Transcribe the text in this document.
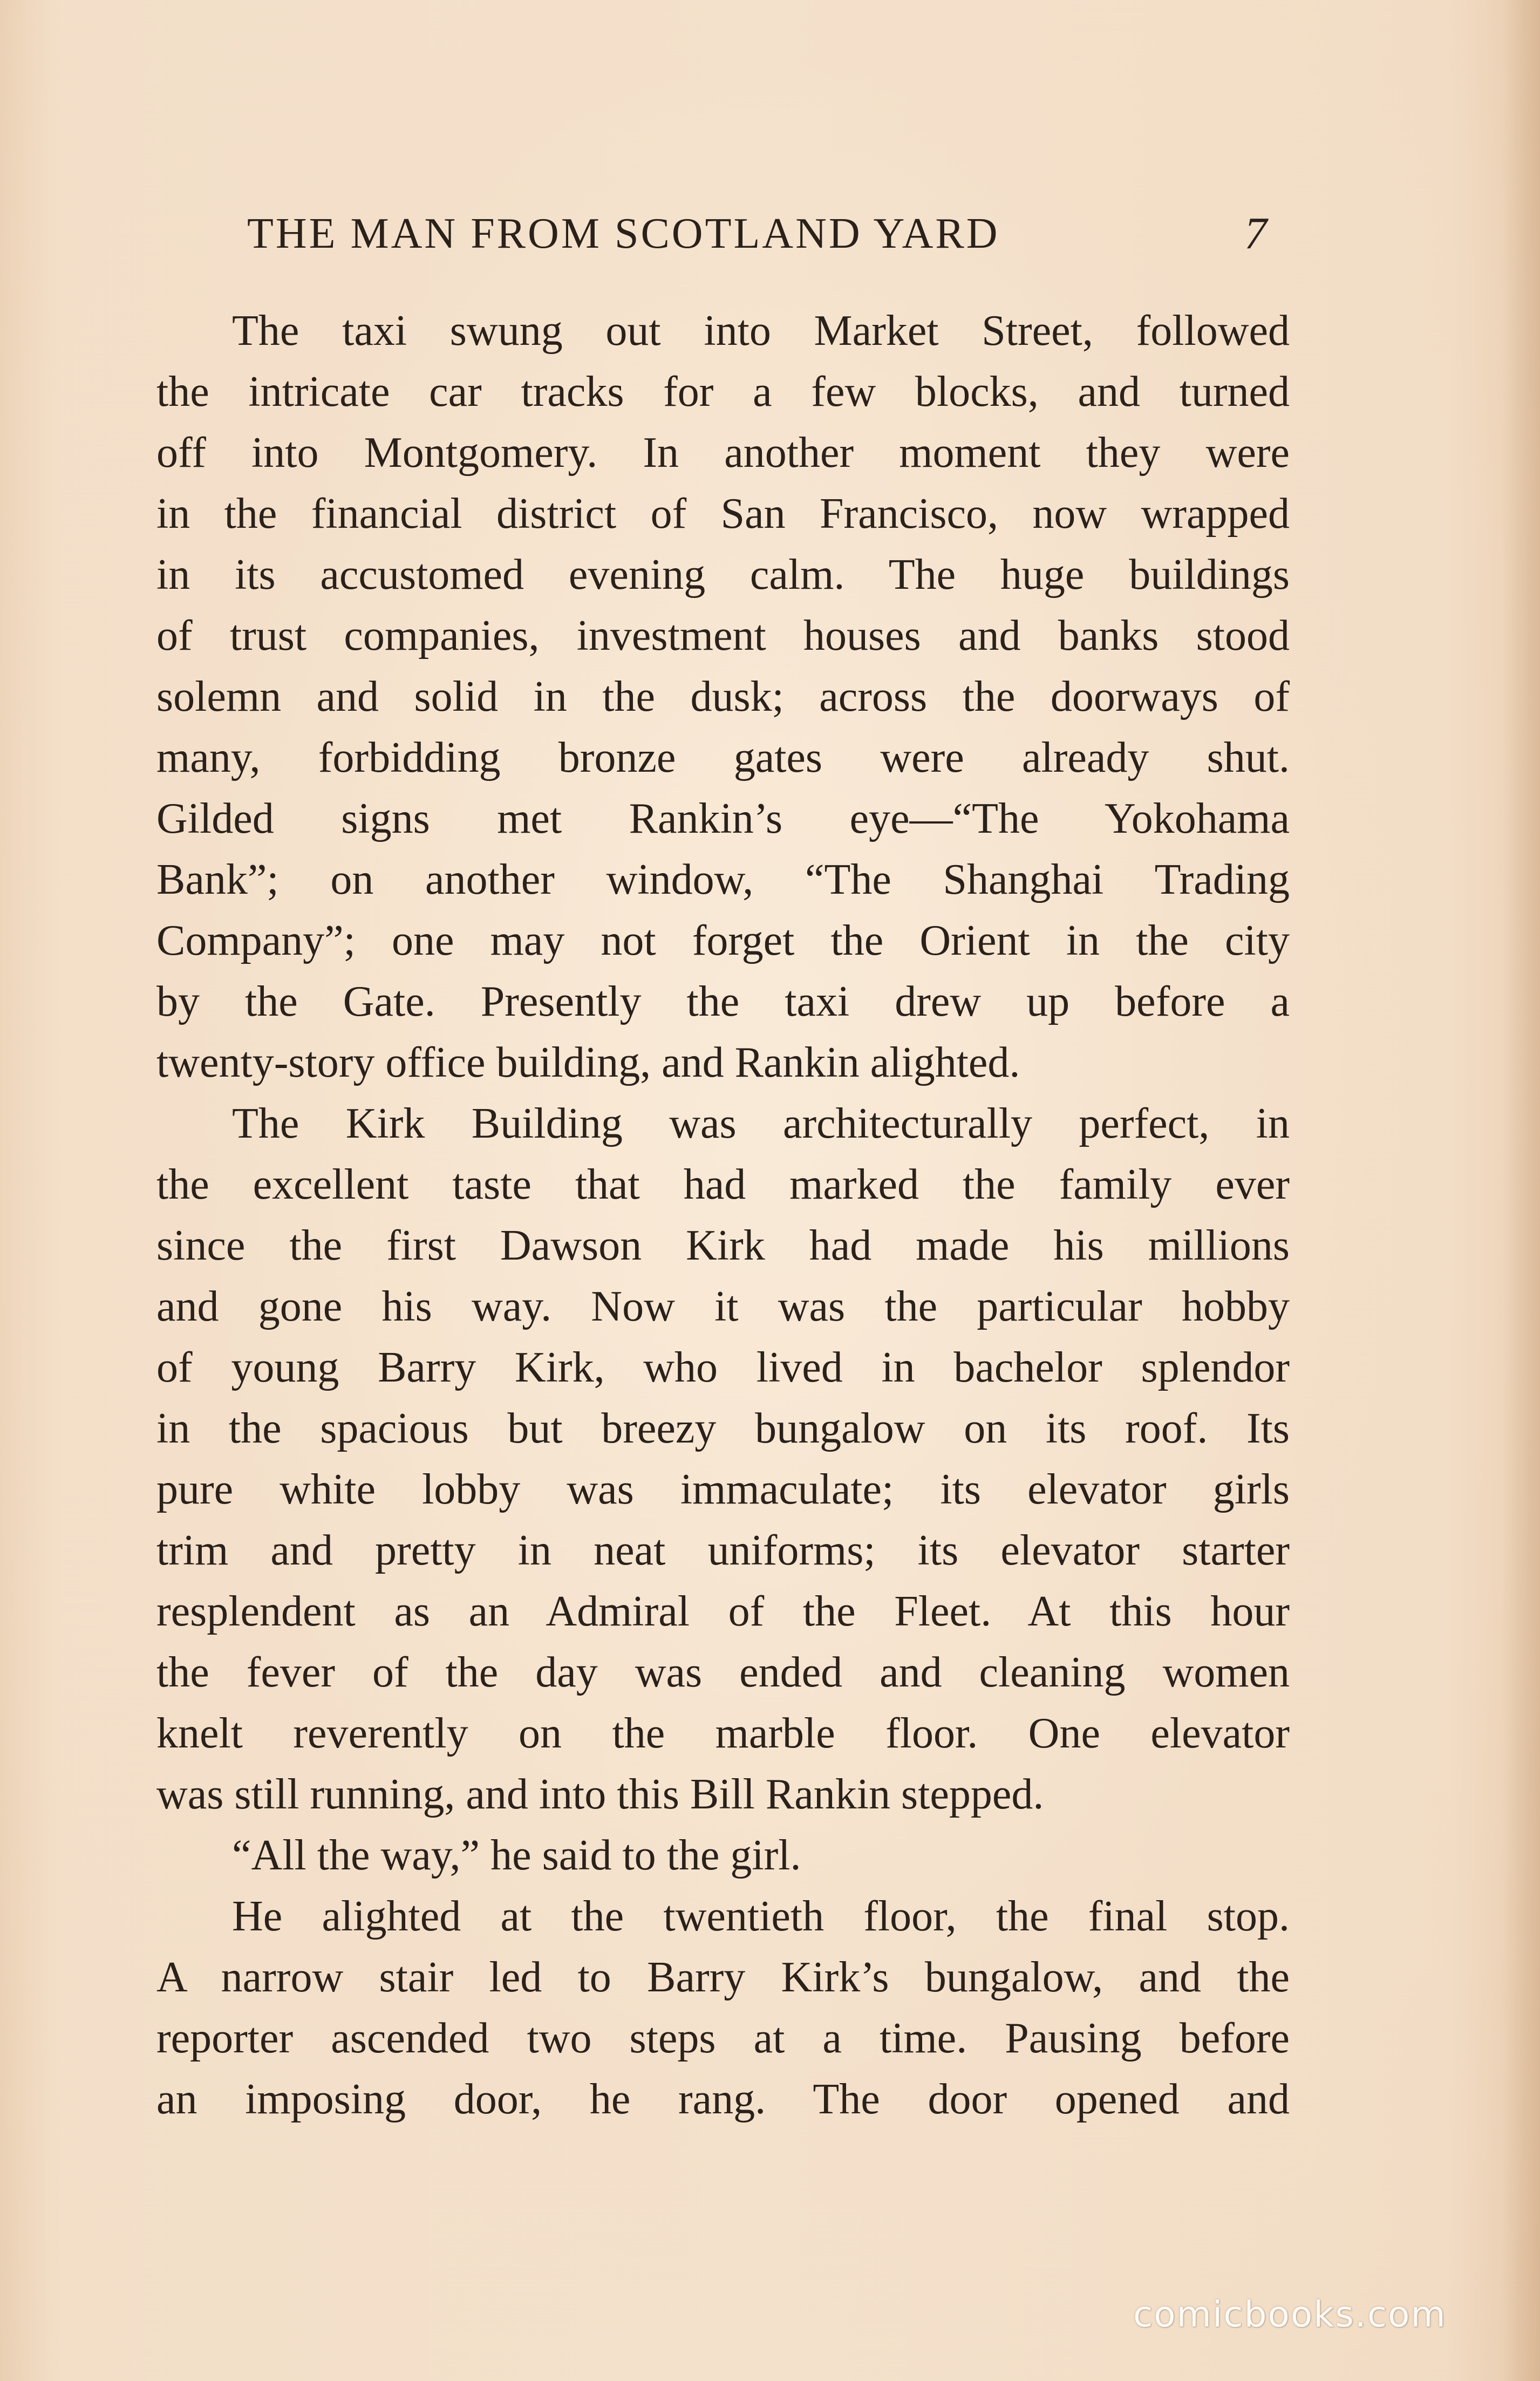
THE MAN FROM SCOTLAND YARD	7
The taxi swung out into Market Street, followed
the intricate car tracks for a few blocks, and turned
off into Montgomery. In another moment they were
in the financial district of San Francisco, now wrapped
in its accustomed evening calm. The huge buildings
of trust companies, investment houses and banks stood
solemn and solid in the dusk; across the doorways of
many, forbidding bronze gates were already shut.
Gilded signs met Rankin’s eye—“The Yokohama
Bank”; on another window, “The Shanghai Trading
Company”; one may not forget the Orient in the city
by the Gate. Presently the taxi drew up before a
twenty-story office building, and Rankin alighted.
The Kirk Building was architecturally perfect, in
the excellent taste that had marked the family ever
since the first Dawson Kirk had made his millions
and gone his way. Now it was the particular hobby
of young Barry Kirk, who lived in bachelor splendor
in the spacious but breezy bungalow on its roof. Its
pure white lobby was immaculate; its elevator girls
trim and pretty in neat uniforms; its elevator starter
resplendent as an Admiral of the Fleet. At this hour
the fever of the day was ended and cleaning women
knelt reverently on the marble floor. One elevator
was still running, and into this Bill Rankin stepped.
“All the way,” he said to the girl.
He alighted at the twentieth floor, the final stop.
A narrow stair led to Barry Kirk’s bungalow, and the
reporter ascended two steps at a time. Pausing before
an imposing door, he rang. The door opened and
comicbooks.com
